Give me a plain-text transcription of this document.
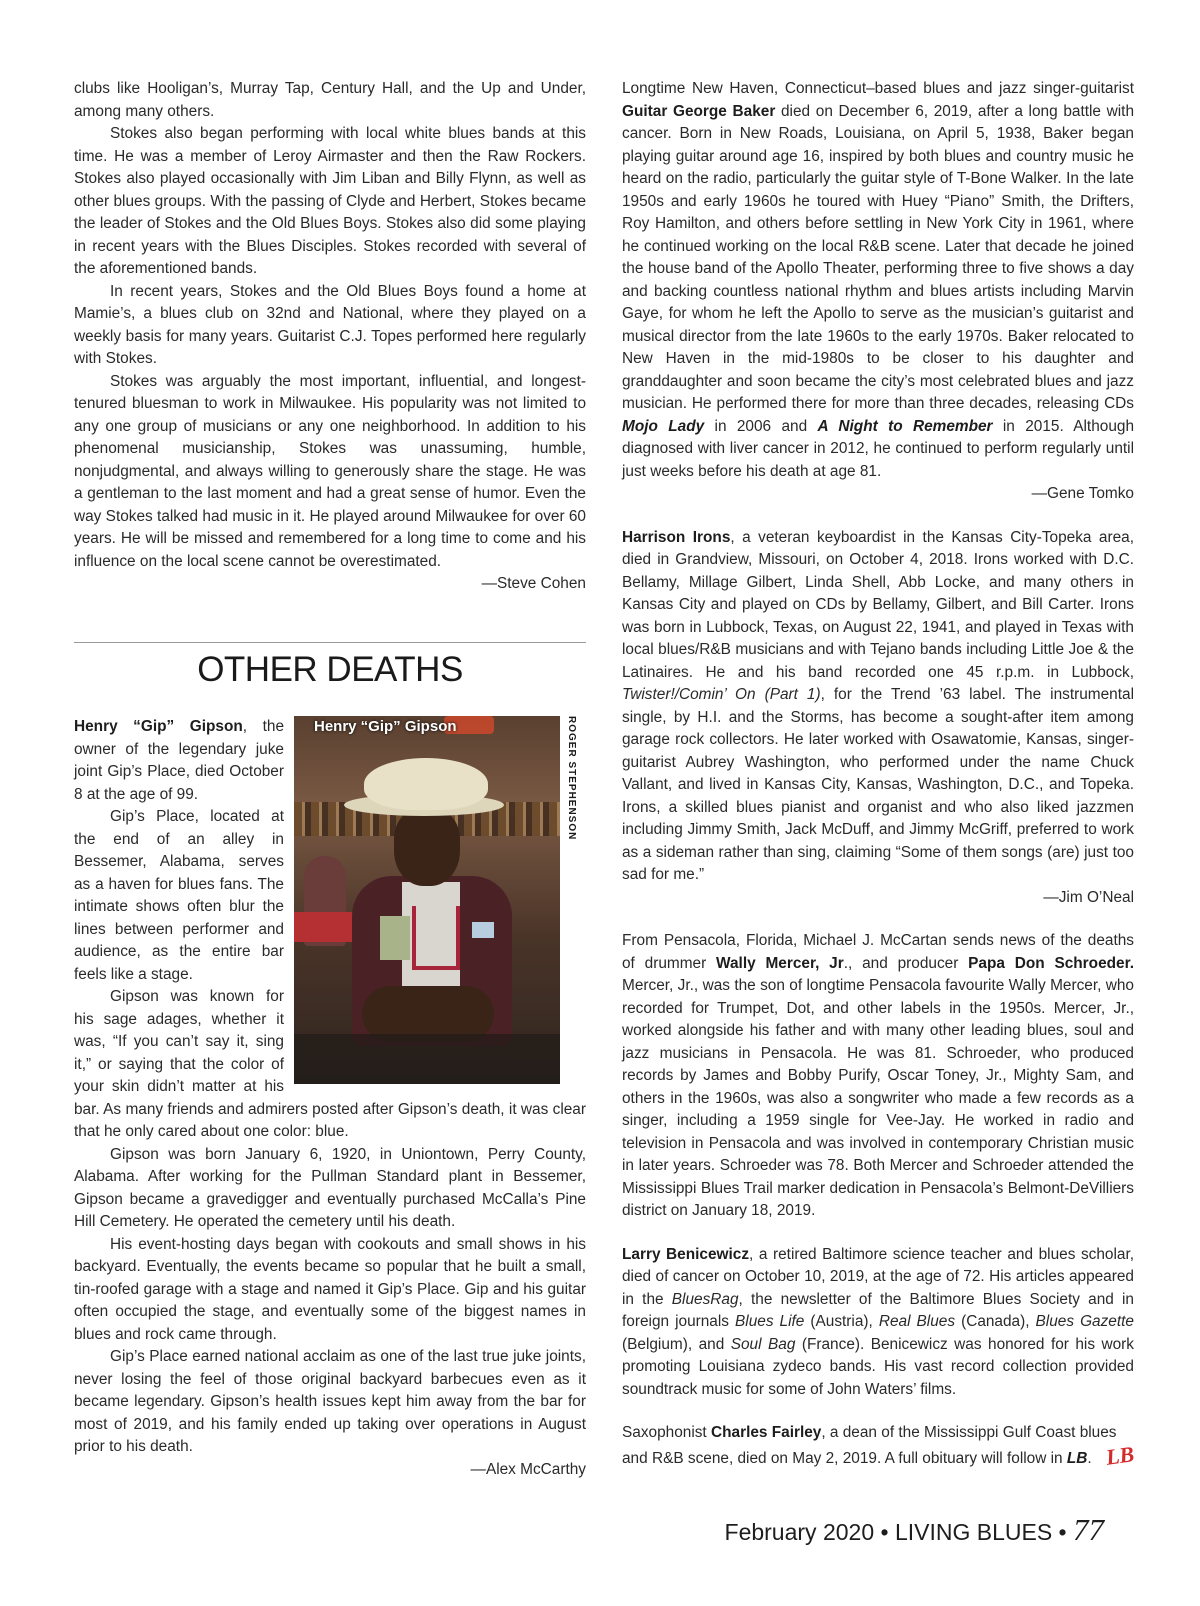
clubs like Hooligan’s, Murray Tap, Century Hall, and the Up and Under, among many others.

Stokes also began performing with local white blues bands at this time. He was a member of Leroy Airmaster and then the Raw Rockers. Stokes also played occasionally with Jim Liban and Billy Flynn, as well as other blues groups. With the passing of Clyde and Herbert, Stokes became the leader of Stokes and the Old Blues Boys. Stokes also did some playing in recent years with the Blues Disciples. Stokes recorded with several of the aforementioned bands.

In recent years, Stokes and the Old Blues Boys found a home at Mamie’s, a blues club on 32nd and National, where they played on a weekly basis for many years. Guitarist C.J. Topes performed here regularly with Stokes.

Stokes was arguably the most important, influential, and longest-tenured bluesman to work in Milwaukee. His popularity was not limited to any one group of musicians or any one neighborhood. In addition to his phenomenal musicianship, Stokes was unassuming, humble, nonjudgmental, and always willing to generously share the stage. He was a gentleman to the last moment and had a great sense of humor. Even the way Stokes talked had music in it. He played around Milwaukee for over 60 years. He will be missed and remembered for a long time to come and his influence on the local scene cannot be overestimated.

—Steve Cohen

OTHER DEATHS
Henry “Gip” Gipson	ROGER STEPHENSON

Henry “Gip” Gipson, the owner of the legendary juke joint Gip’s Place, died October 8 at the age of 99.

Gip’s Place, located at the end of an alley in Bessemer, Alabama, serves as a haven for blues fans. The intimate shows often blur the lines between performer and audience, as the entire bar feels like a stage.

Gipson was known for his sage adages, whether it was, “If you can’t say it, sing it,” or saying that the color of your skin didn’t matter at his bar. As many friends and admirers posted after Gipson’s death, it was clear that he only cared about one color: blue.

Gipson was born January 6, 1920, in Uniontown, Perry County, Alabama. After working for the Pullman Standard plant in Bessemer, Gipson became a gravedigger and eventually purchased McCalla’s Pine Hill Cemetery. He operated the cemetery until his death.

His event-hosting days began with cookouts and small shows in his backyard. Eventually, the events became so popular that he built a small, tin-roofed garage with a stage and named it Gip’s Place. Gip and his guitar often occupied the stage, and eventually some of the biggest names in blues and rock came through.

Gip’s Place earned national acclaim as one of the last true juke joints, never losing the feel of those original backyard barbecues even as it became legendary. Gipson’s health issues kept him away from the bar for most of 2019, and his family ended up taking over operations in August prior to his death.

—Alex McCarthy

Longtime New Haven, Connecticut–based blues and jazz singer-guitarist Guitar George Baker died on December 6, 2019, after a long battle with cancer. Born in New Roads, Louisiana, on April 5, 1938, Baker began playing guitar around age 16, inspired by both blues and country music he heard on the radio, particularly the guitar style of T-Bone Walker. In the late 1950s and early 1960s he toured with Huey “Piano” Smith, the Drifters, Roy Hamilton, and others before settling in New York City in 1961, where he continued working on the local R&B scene. Later that decade he joined the house band of the Apollo Theater, performing three to five shows a day and backing countless national rhythm and blues artists including Marvin Gaye, for whom he left the Apollo to serve as the musician’s guitarist and musical director from the late 1960s to the early 1970s. Baker relocated to New Haven in the mid-1980s to be closer to his daughter and granddaughter and soon became the city’s most celebrated blues and jazz musician. He performed there for more than three decades, releasing CDs Mojo Lady in 2006 and A Night to Remember in 2015. Although diagnosed with liver cancer in 2012, he continued to perform regularly until just weeks before his death at age 81.

—Gene Tomko

Harrison Irons, a veteran keyboardist in the Kansas City-Topeka area, died in Grandview, Missouri, on October 4, 2018. Irons worked with D.C. Bellamy, Millage Gilbert, Linda Shell, Abb Locke, and many others in Kansas City and played on CDs by Bellamy, Gilbert, and Bill Carter. Irons was born in Lubbock, Texas, on August 22, 1941, and played in Texas with local blues/R&B musicians and with Tejano bands including Little Joe & the Latinaires. He and his band recorded one 45 r.p.m. in Lubbock, Twister!/Comin’ On (Part 1), for the Trend ’63 label. The instrumental single, by H.I. and the Storms, has become a sought-after item among garage rock collectors. He later worked with Osawatomie, Kansas, singer-guitarist Aubrey Washington, who performed under the name Chuck Vallant, and lived in Kansas City, Kansas, Washington, D.C., and Topeka. Irons, a skilled blues pianist and organist and who also liked jazzmen including Jimmy Smith, Jack McDuff, and Jimmy McGriff, preferred to work as a sideman rather than sing, claiming “Some of them songs (are) just too sad for me.”

—Jim O’Neal

From Pensacola, Florida, Michael J. McCartan sends news of the deaths of drummer Wally Mercer, Jr., and producer Papa Don Schroeder. Mercer, Jr., was the son of longtime Pensacola favourite Wally Mercer, who recorded for Trumpet, Dot, and other labels in the 1950s. Mercer, Jr., worked alongside his father and with many other leading blues, soul and jazz musicians in Pensacola. He was 81. Schroeder, who produced records by James and Bobby Purify, Oscar Toney, Jr., Mighty Sam, and others in the 1960s, was also a songwriter who made a few records as a singer, including a 1959 single for Vee-Jay. He worked in radio and television in Pensacola and was involved in contemporary Christian music in later years. Schroeder was 78. Both Mercer and Schroeder attended the Mississippi Blues Trail marker dedication in Pensacola’s Belmont-DeVilliers district on January 18, 2019.

Larry Benicewicz, a retired Baltimore science teacher and blues scholar, died of cancer on October 10, 2019, at the age of 72. His articles appeared in the BluesRag, the newsletter of the Baltimore Blues Society and in foreign journals Blues Life (Austria), Real Blues (Canada), Blues Gazette (Belgium), and Soul Bag (France). Benicewicz was honored for his work promoting Louisiana zydeco bands. His vast record collection provided soundtrack music for some of John Waters’ films.

Saxophonist Charles Fairley, a dean of the Mississippi Gulf Coast blues and R&B scene, died on May 2, 2019. A full obituary will follow in LB. LB

February 2020 • LIVING BLUES • 77
